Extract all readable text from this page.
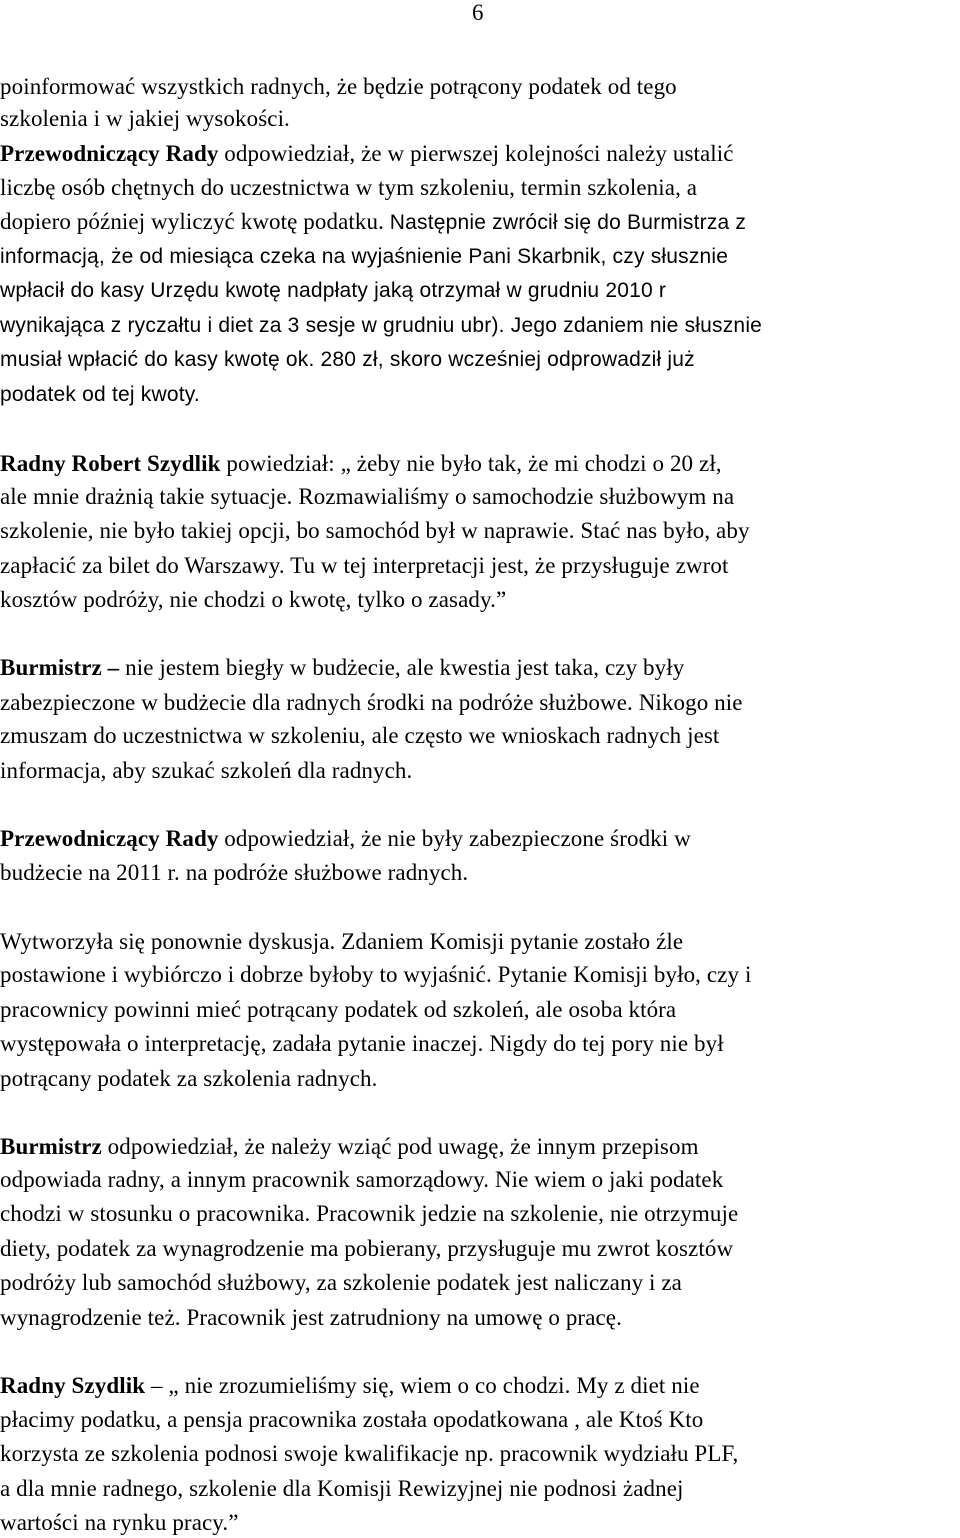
6
poinformować wszystkich radnych, że będzie potrącony podatek od tego
szkolenia i w jakiej wysokości.
Przewodniczący Rady odpowiedział, że w pierwszej kolejności należy ustalić
liczbę osób chętnych do uczestnictwa w tym szkoleniu, termin szkolenia, a
dopiero później wyliczyć kwotę podatku. Następnie zwrócił się do Burmistrza z
informacją, że od miesiąca czeka na wyjaśnienie Pani Skarbnik, czy słusznie
wpłacił do kasy Urzędu kwotę nadpłaty jaką otrzymał w grudniu 2010 r
wynikająca z ryczałtu i diet za 3 sesje w grudniu ubr). Jego zdaniem nie słusznie
musiał wpłacić do kasy kwotę ok. 280 zł, skoro wcześniej odprowadził już
podatek od tej kwoty.
Radny Robert Szydlik powiedział: „ żeby nie było tak, że mi chodzi o 20 zł,
ale mnie drażnią takie sytuacje. Rozmawialiśmy o samochodzie służbowym na
szkolenie, nie było takiej opcji, bo samochód był w naprawie. Stać nas było, aby
zapłacić za bilet do Warszawy. Tu w tej interpretacji jest, że przysługuje zwrot
kosztów podróży, nie chodzi o kwotę, tylko o zasady.”
Burmistrz – nie jestem biegły w budżecie, ale kwestia jest taka, czy były
zabezpieczone w budżecie dla radnych środki na podróże służbowe. Nikogo nie
zmuszam do uczestnictwa w szkoleniu, ale często we wnioskach radnych jest
informacja, aby szukać szkoleń dla radnych.
Przewodniczący Rady odpowiedział, że nie były zabezpieczone środki w
budżecie na 2011 r. na podróże służbowe radnych.
Wytworzyła się ponownie dyskusja. Zdaniem Komisji pytanie zostało źle
postawione i wybiórczo i dobrze byłoby to wyjaśnić. Pytanie Komisji było, czy i
pracownicy powinni mieć potrącany podatek od szkoleń, ale osoba która
występowała o interpretację, zadała pytanie inaczej. Nigdy do tej pory nie był
potrącany podatek za szkolenia radnych.
Burmistrz odpowiedział, że należy wziąć pod uwagę, że innym przepisom
odpowiada radny, a innym pracownik samorządowy. Nie wiem o jaki podatek
chodzi w stosunku o pracownika. Pracownik jedzie na szkolenie, nie otrzymuje
diety, podatek za wynagrodzenie ma pobierany, przysługuje mu zwrot kosztów
podróży lub samochód służbowy, za szkolenie podatek jest naliczany i za
wynagrodzenie też. Pracownik jest zatrudniony na umowę o pracę.
Radny Szydlik – „ nie zrozumieliśmy się, wiem o co chodzi. My z diet nie
płacimy podatku, a pensja pracownika została opodatkowana , ale Ktoś Kto
korzysta ze szkolenia podnosi swoje kwalifikacje np. pracownik wydziału PLF,
a dla mnie radnego, szkolenie dla Komisji Rewizyjnej nie podnosi żadnej
wartości na rynku pracy.”
